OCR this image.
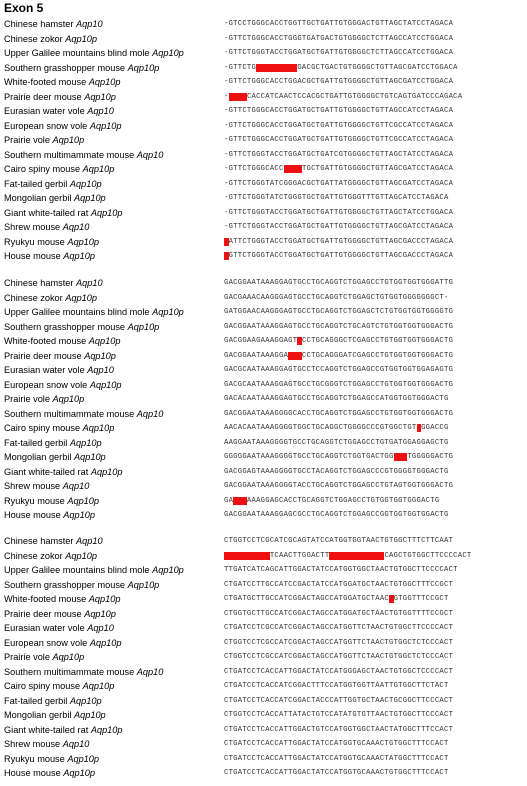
Exon 5
Chinese hamster Aqp10	-GTCCTGGGCACCTGGTTGCTGATTGTGGGACTGTTAGCTATCCTAGACA
Chinese zokor Aqp10p	-GTTCTGGGCACCTGGGTGATGACTGTGGGGCTCTTAGCCATCCTGGACA
Upper Galilee mountains blind mole Aqp10p	-GTTCTGGGTACCTGGATGCTGATTGTGGGGCTCTTAGCCATCCTGGACA
Southern grasshopper mouse Aqp10p	-GTTCTG---------GACGCTGACTGTGGGGCTGTTAGCGATCCTGGACA
White-footed mouse Aqp10p	-GTTCTGGGCACCTGGACGCTGATTGTGGGGCTGTTAGCGATCCTGGACA
Prairie deer mouse Aqp10p	-----CACCATCAACTCCACGCTGATTGTGGGGCTGTCAGTGATCCCAGACA
Eurasian water vole Aqp10	-GTTCTGGGCACCTGGATGCTGATTGTGGGGCTGTTAGCCATCCTAGACA
European snow vole Aqp10p	-GTTCTGGGCACCTGGATGCTGATTGTGGGGCTGTTCGCCATCCTAGACA
Prairie vole Aqp10p	-GTTCTGGGCACCTGGATGCTGATTGTGGGGCTGTTCGCCATCCTAGACA
Southern multimammate mouse Aqp10	-GTTCTGGGTACCTGGATGCTGATCGTGGGGCTGTTAGCTATCCTAGACA
Cairo spiny mouse Aqp10p	-GTTCTGGGCACC----TGCTGATTGTGGGGCTGTTAGCGATCCTAGACA
Fat-tailed gerbil Aqp10p	-GTTCTGGGTATCGGGACGCTGATTATGGGGCTGTTAGCGATCCTAGACA
Mongolian gerbil Aqp10p	-GTTCTGGGTATCTGGGTGCTGATTGTGGGTTTGTTAGCATCCTAGACA
Giant white-tailed rat Aqp10p	-GTTCTGGGTACCTGGATGCTGATTGTGGGGCTGTTAGCTATCCTGGACA
Shrew mouse Aqp10	-GTTCTGGGTACCTGGATGCTGATTGTGGGGCTGTTAGCGATCCTAGACA
Ryukyu mouse Aqp10p	-ATTCTGGGTACCTGGATGCTGATTGTGGGGCTGTTAGCGACCCTAGACA
House mouse Aqp10p	-GTTCTGGGTACCTGGATGCTGATTGTGGGGCTGTTAGCGACCCTAGACA
Chinese hamster Aqp10	GACGGAATAAAGGAGTGCCTGCAGGTCTGGAGCCTGTGGTGGTGGGATTG
Chinese zokor Aqp10p	GACGAAACAAGGGAGTGCCTGCAGGTCTGGAGCTGTGGTGGGGGGGCT-
Upper Galilee mountains blind mole Aqp10p	GATGGAACAAGGGAGTGCCTGCAGGTCTGGAGCTCTGTGGTGGTGGGGTG
Southern grasshopper mouse Aqp10p	GACGGAATAAAGGAGTGCCTGCAGGTCTGCAGTCTGTGGTGGTGGGACTG
White-footed mouse Aqp10p	GACGGAAGAAAGGAGT-CCTGCAGGGCTCGAGCCTGTGGTGGTGGGACTG
Prairie deer mouse Aqp10p	GACGGAATAAAGGA---CCTGCAGGGATCGAGCCTGTGGTGGTGGGACTG
Eurasian water vole Aqp10	GACGCAATAAAGGAGTGCCTCCAGGTCTGGAGCCGTGGTGGTGGAGAGTG
European snow vole Aqp10p	GACGCAATAAAGGAGTGCCTGCGGGTCTGGAGCCTGTGGTGGTGGGACTG
Prairie vole Aqp10p	GACACAATAAAGGAGTGCCTGCAGGTCTGGAGCCATGGTGGTGGGACTG
Southern multimammate mouse Aqp10	GACGGAATAAAGGGGCACCTGCAGGTCTGGAGCCTGTGGTGGTGGGACTG
Cairo spiny mouse Aqp10p	AACACAATAAAGGGGTGGCTGCAGGCTGGGGCCCGTGGCTGT-GGACCG
Fat-tailed gerbil Aqp10p	AAGGAATAAAGGGGTGCCTGCAGGTCTGGAGCCTGTGATGGAGGAGCTG
Mongolian gerbil Aqp10p	GGGGGAATAAAGGGGTGCCTGCAGGTCTGGTGACTGG---TGGGGGACTG
Giant white-tailed rat Aqp10p	GACGGAGTAAAGGGGTGCCTACAGGTCTGGAGCCCGTGGGGTGGGACTG
Shrew mouse Aqp10	GACGGAATAAAGGGGTACCTGCAGGTCTGGAGCCTGTAGTGGTGGGACTG
Ryukyu mouse Aqp10p	GA---AAAGGAGCACCTGCAGGTCTGGAGCCTGTGGTGGTGGGACTG
House mouse Aqp10p	GACGGAATAAAGGAGCGCCTGCAGGTCTGGAGCCGGTGGTGGTGGACTG
Chinese hamster Aqp10	CTGGTCCTCGCATCGCAGTATCCATGGTGGTAACTGTGGCTTTCTTCAAT
Chinese zokor Aqp10p	----------TCAACTTGGACTT------------CAGCTGTGGCTTCCCCACT
Upper Galilee mountains blind mole Aqp10p	TTGATCATCAGCATTGGACTATCCATGGTGGCTAACTGTGGCTTCCCCACT
Southern grasshopper mouse Aqp10p	CTGATCCTTGCCATCCGACTATCCATGGATGCTAACTGTGGCTTTCCGCT
White-footed mouse Aqp10p	CTGATGCTTGCCATCGGACTAGCCATGGATGCTAAC-GTGGTTTCCGCT
Prairie deer mouse Aqp10p	CTGGTGCTTGCCATCGGACTAGCCATGGATGCTAACTGTGGTTTTCCGCT
Eurasian water vole Aqp10	CTGATCCTCGCCATCGGACTAGCCATGGTTCTAACTGTGGCTTCCCCACT
European snow vole Aqp10p	CTGGTCCTCGCCATCGGACTAGCCATGGTTCTAACTGTGGCTCTCCCACT
Prairie vole Aqp10p	CTGGTCCTCGCCATCGGACTAGCCATGGTTCTAACTGTGGCTCTCCCACT
Southern multimammate mouse Aqp10	CTGATCCTCACCATTGGACTATCCATGGGAGCTAACTGTGGCTCCCCACT
Cairo spiny mouse Aqp10p	CTGATCCTCACCATCGGACTTTCCATGGTGGTTAATTGTGGCTTCTACT
Fat-tailed gerbil Aqp10p	CTGATCCTCACCATCGGACTACCCATTGGTGCTAACTGCGGCTTCCCACT
Mongolian gerbil Aqp10p	CTGGTCCTCACCATTATACTGTCCATATGTGTTAACTGTGGCTTCCCACT
Giant white-tailed rat Aqp10p	CTGATCCTCACCATTGGACTGTCCATGGTGGCTAACTATGGCTTTCCACT
Shrew mouse Aqp10	CTGATCCTCACCATTGGACTATCCATGGTGCAAACTGTGGCTTTCCACT
Ryukyu mouse Aqp10p	CTGATCCTCACCATTGGACTATCCATGGTGCAAACTATGGCTTTCCACT
House mouse Aqp10p	CTGATCCTCACCATTGGACTATCCATGGTGCAAACTGTGGCTTTCCACT
